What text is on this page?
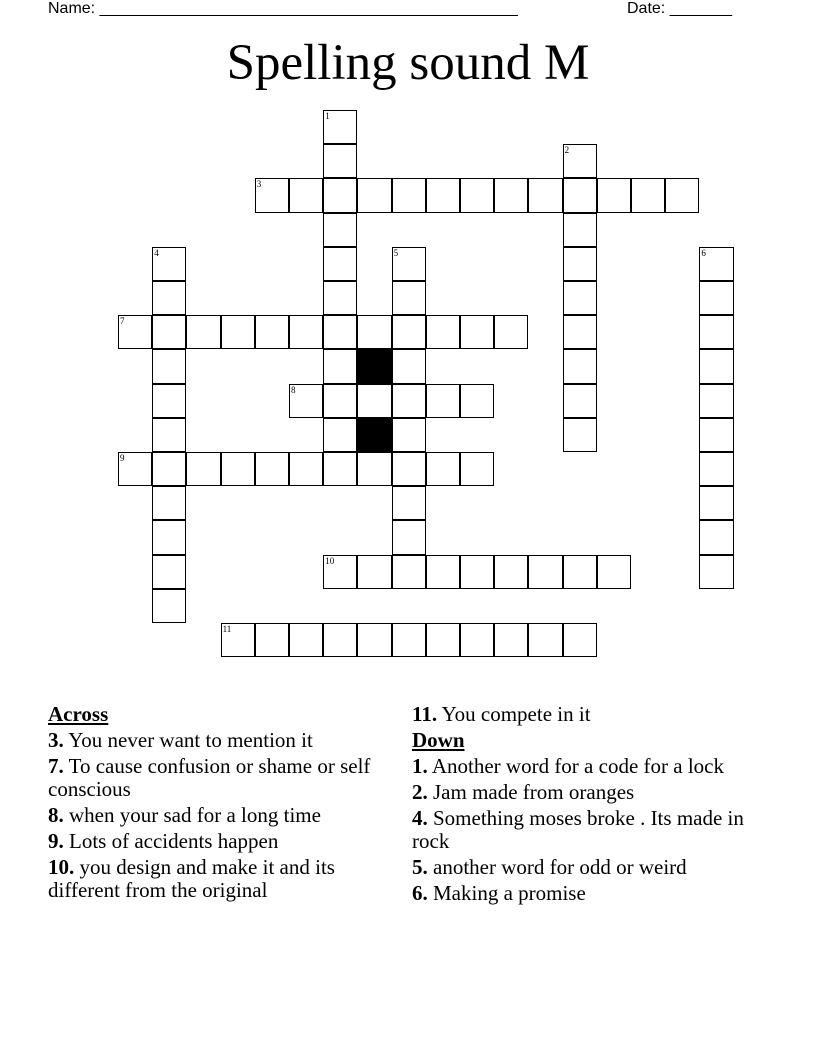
Name: _______________________________________________	Date: _______
Spelling sound M
1
2
3
4	5	6
7
8
9
10
11
Across
3. You never want to mention it
7. To cause confusion or shame or self conscious
8. when your sad for a long time
9. Lots of accidents happen
10. you design and make it and its different from the original
11. You compete in it
Down
1. Another word for a code for a lock
2. Jam made from oranges
4. Something moses broke . Its made in rock
5. another word for odd or weird
6. Making a promise
